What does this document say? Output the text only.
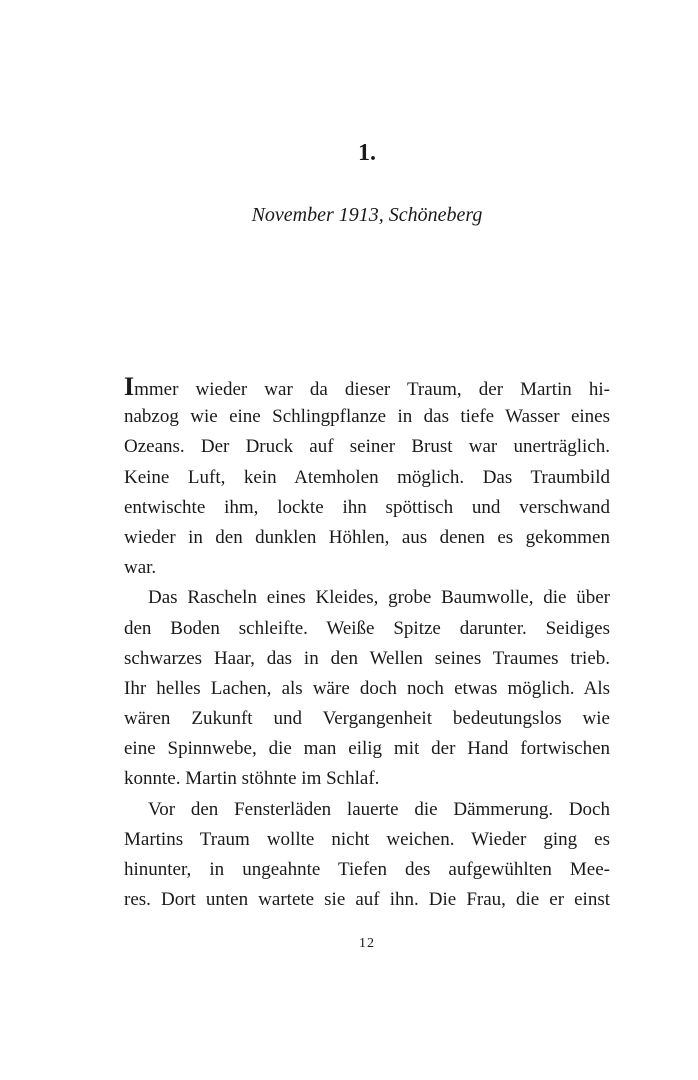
1.
November 1913, Schöneberg
Immer wieder war da dieser Traum, der Martin hi-
nabzog wie eine Schlingpflanze in das tiefe Wasser eines
Ozeans. Der Druck auf seiner Brust war unerträglich.
Keine Luft, kein Atemholen möglich. Das Traumbild
entwischte ihm, lockte ihn spöttisch und verschwand
wieder in den dunklen Höhlen, aus denen es gekommen
war.
Das Rascheln eines Kleides, grobe Baumwolle, die über
den Boden schleifte. Weiße Spitze darunter. Seidiges
schwarzes Haar, das in den Wellen seines Traumes trieb.
Ihr helles Lachen, als wäre doch noch etwas möglich. Als
wären Zukunft und Vergangenheit bedeutungslos wie
eine Spinnwebe, die man eilig mit der Hand fortwischen
konnte. Martin stöhnte im Schlaf.
Vor den Fensterläden lauerte die Dämmerung. Doch
Martins Traum wollte nicht weichen. Wieder ging es
hinunter, in ungeahnte Tiefen des aufgewühlten Mee-
res. Dort unten wartete sie auf ihn. Die Frau, die er einst
12
